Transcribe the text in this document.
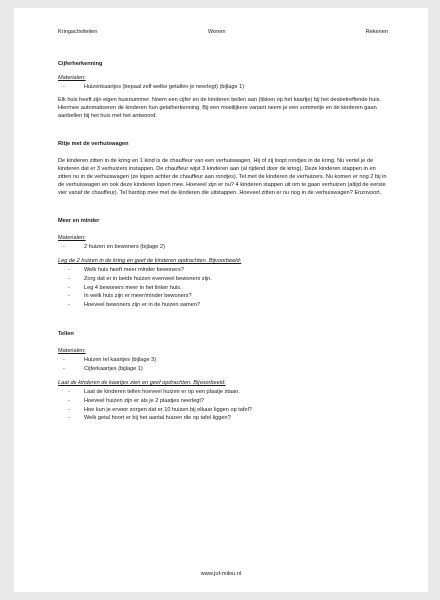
Kringactiviteiten	Wonen	Rekenen
Cijferherkenning
Materialen:
-	Huizenkaartjes (bepaal zelf welke getallen je neerlegt) (bijlage 1)
Elk huis heeft zijn eigen huisnummer. Noem een cijfer en de kinderen bellen aan (tikken op het kaartje) bij het desbetreffende huis. Hiermee automatiseren de kinderen hun getalherkenning. Bij een moeilijkere variant neem je een sommetje en de kinderen gaan aanbellen bij het huis met het antwoord.
Ritje met de verhuiswagen
De kinderen zitten in de kring en 1 kind is de chauffeur van een verhuiswagen. Hij of zij loopt rondjes in de kring. Nu vertel je de kinderen dat er 3 verhuizers instappen. De chauffeur wijst 3 kinderen aan (al rijdend door de kring). Deze kinderen stappen in en zitten nu in de verhuiswagen (ze lopen achter de chauffeur aan rondjes). Tel met de kinderen de verhuizers. Nu komen er nog 2 bij in de verhuiswagen en ook deze kinderen lopen mee. Hoeveel zijn er nu? 4 kinderen stappen uit om te gaan verhuizen (altijd de eerste vier vanaf de chauffeur). Tel hardop mee met de kinderen die uitstappen. Hoeveel zitten er nu nog in de verhuiswagen? Enzovoort.
Meer en minder
Materialen:
-	2 huizen en bewoners (bijlage 2)
Leg de 2 huizen in de kring en geef de kinderen opdrachten. Bijvoorbeeld:
-	Welk huis heeft meer minder bewoners?
-	Zorg dat er in beide huizen evenveel bewoners zijn.
-	Leg 4 bewoners meer in het linker huis.
-	In welk huis zijn er meer/minder bewoners?
-	Hoeveel bewoners zijn er in de huizen samen?
Tellen
Materialen:
-	Huizen tel kaartjes (bijlage 3)
-	Cijferkaartjes (bijlage 1)
Laat de kinderen de kaartjes zien en geef opdrachten. Bijvoorbeeld:
-	Laat de kinderen tellen hoeveel huizen er op een plaatje staan.
-	Hoeveel huizen zijn er als je 2 plaatjes neerlegt?
-	Hoe kun je ervoor zorgen dat er 10 huizen bij elkaar liggen op tafel?
-	Welk getal hoort er bij het aantal huizen die op tafel liggen?
www.juf-milou.nl
